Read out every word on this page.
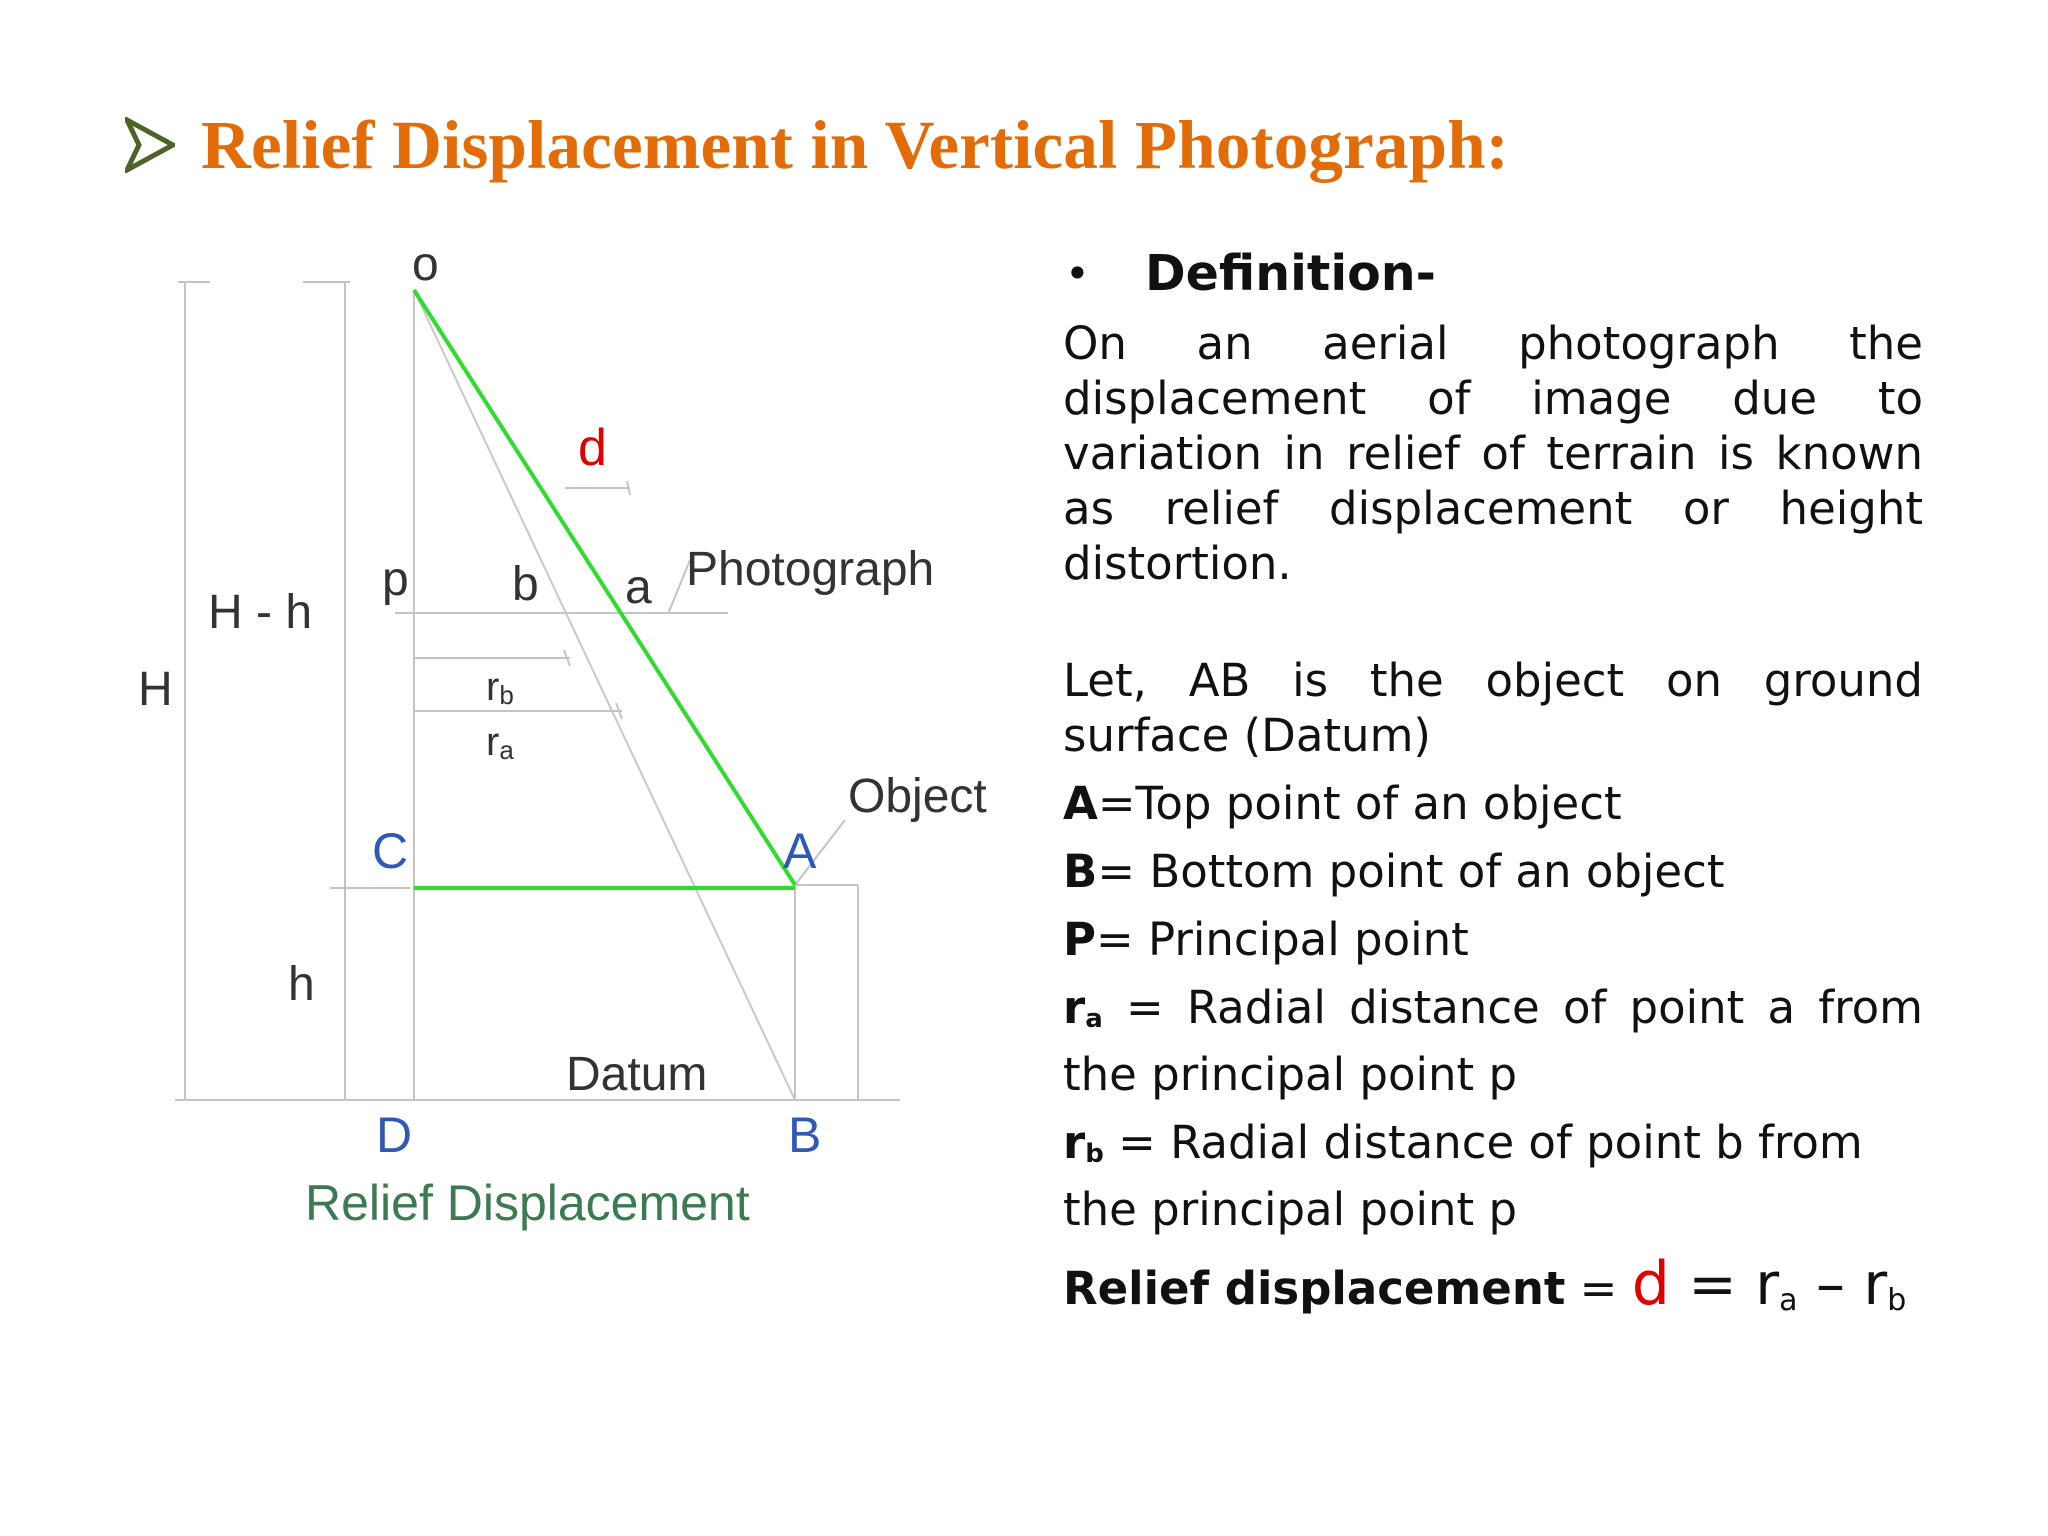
Relief Displacement in Vertical Photograph:
o
p b a Photograph
H - h
H
Object
h
Datum
rb
ra
d
C	A
D	B
Relief Displacement
•	Definition-
On an aerial photograph the displacement of image due to variation in relief of terrain is known as relief displacement or height distortion.
Let, AB is the object on ground surface (Datum)
A=Top point of an object
B= Bottom point of an object
P= Principal point
ra = Radial distance of point a from the principal point p
rb = Radial distance of point b from the principal point p
Relief displacement = d = ra – rb
